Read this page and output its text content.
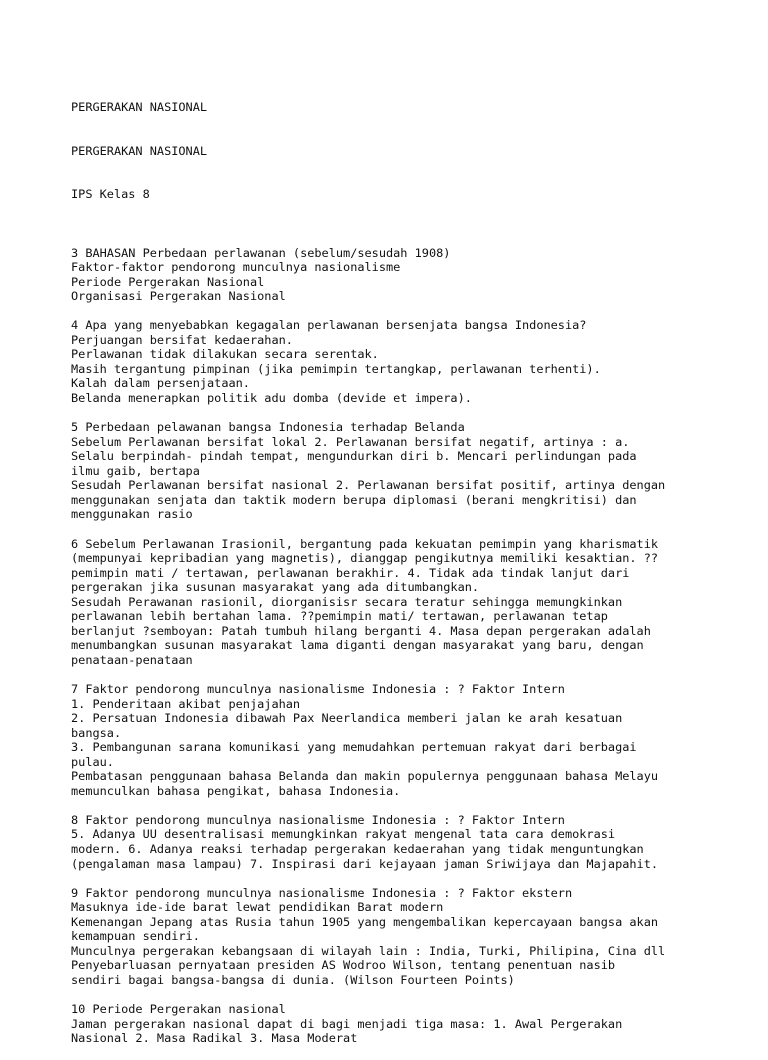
PERGERAKAN NASIONAL

PERGERAKAN NASIONAL

IPS Kelas 8

3 BAHASAN Perbedaan perlawanan (sebelum/sesudah 1908)
Faktor-faktor pendorong munculnya nasionalisme
Periode Pergerakan Nasional
Organisasi Pergerakan Nasional
4 Apa yang menyebabkan kegagalan perlawanan bersenjata bangsa Indonesia?
Perjuangan bersifat kedaerahan.
Perlawanan tidak dilakukan secara serentak.
Masih tergantung pimpinan (jika pemimpin tertangkap, perlawanan terhenti).
Kalah dalam persenjataan.
Belanda menerapkan politik adu domba (devide et impera).
5 Perbedaan pelawanan bangsa Indonesia terhadap Belanda
Sebelum Perlawanan bersifat lokal 2. Perlawanan bersifat negatif, artinya : a.
Selalu berpindah- pindah tempat, mengundurkan diri b. Mencari perlindungan pada
ilmu gaib, bertapa
Sesudah Perlawanan bersifat nasional 2. Perlawanan bersifat positif, artinya dengan
menggunakan senjata dan taktik modern berupa diplomasi (berani mengkritisi) dan
menggunakan rasio
6 Sebelum Perlawanan Irasionil, bergantung pada kekuatan pemimpin yang kharismatik
(mempunyai kepribadian yang magnetis), dianggap pengikutnya memiliki kesaktian. ??
pemimpin mati / tertawan, perlawanan berakhir. 4. Tidak ada tindak lanjut dari
pergerakan jika susunan masyarakat yang ada ditumbangkan.
Sesudah Perawanan rasionil, diorganisisr secara teratur sehingga memungkinkan
perlawanan lebih bertahan lama. ??pemimpin mati/ tertawan, perlawanan tetap
berlanjut ?semboyan: Patah tumbuh hilang berganti 4. Masa depan pergerakan adalah
menumbangkan susunan masyarakat lama diganti dengan masyarakat yang baru, dengan
penataan-penataan
7 Faktor pendorong munculnya nasionalisme Indonesia : ? Faktor Intern
1. Penderitaan akibat penjajahan
2. Persatuan Indonesia dibawah Pax Neerlandica memberi jalan ke arah kesatuan
bangsa.
3. Pembangunan sarana komunikasi yang memudahkan pertemuan rakyat dari berbagai
pulau.
Pembatasan penggunaan bahasa Belanda dan makin populernya penggunaan bahasa Melayu
memunculkan bahasa pengikat, bahasa Indonesia.
8 Faktor pendorong munculnya nasionalisme Indonesia : ? Faktor Intern
5. Adanya UU desentralisasi memungkinkan rakyat mengenal tata cara demokrasi
modern. 6. Adanya reaksi terhadap pergerakan kedaerahan yang tidak menguntungkan
(pengalaman masa lampau) 7. Inspirasi dari kejayaan jaman Sriwijaya dan Majapahit.
9 Faktor pendorong munculnya nasionalisme Indonesia : ? Faktor ekstern
Masuknya ide-ide barat lewat pendidikan Barat modern
Kemenangan Jepang atas Rusia tahun 1905 yang mengembalikan kepercayaan bangsa akan
kemampuan sendiri.
Munculnya pergerakan kebangsaan di wilayah lain : India, Turki, Philipina, Cina dll
Penyebarluasan pernyataan presiden AS Wodroo Wilson, tentang penentuan nasib
sendiri bagai bangsa-bangsa di dunia. (Wilson Fourteen Points)
10 Periode Pergerakan nasional
Jaman pergerakan nasional dapat di bagi menjadi tiga masa: 1. Awal Pergerakan
Nasional 2. Masa Radikal 3. Masa Moderat
